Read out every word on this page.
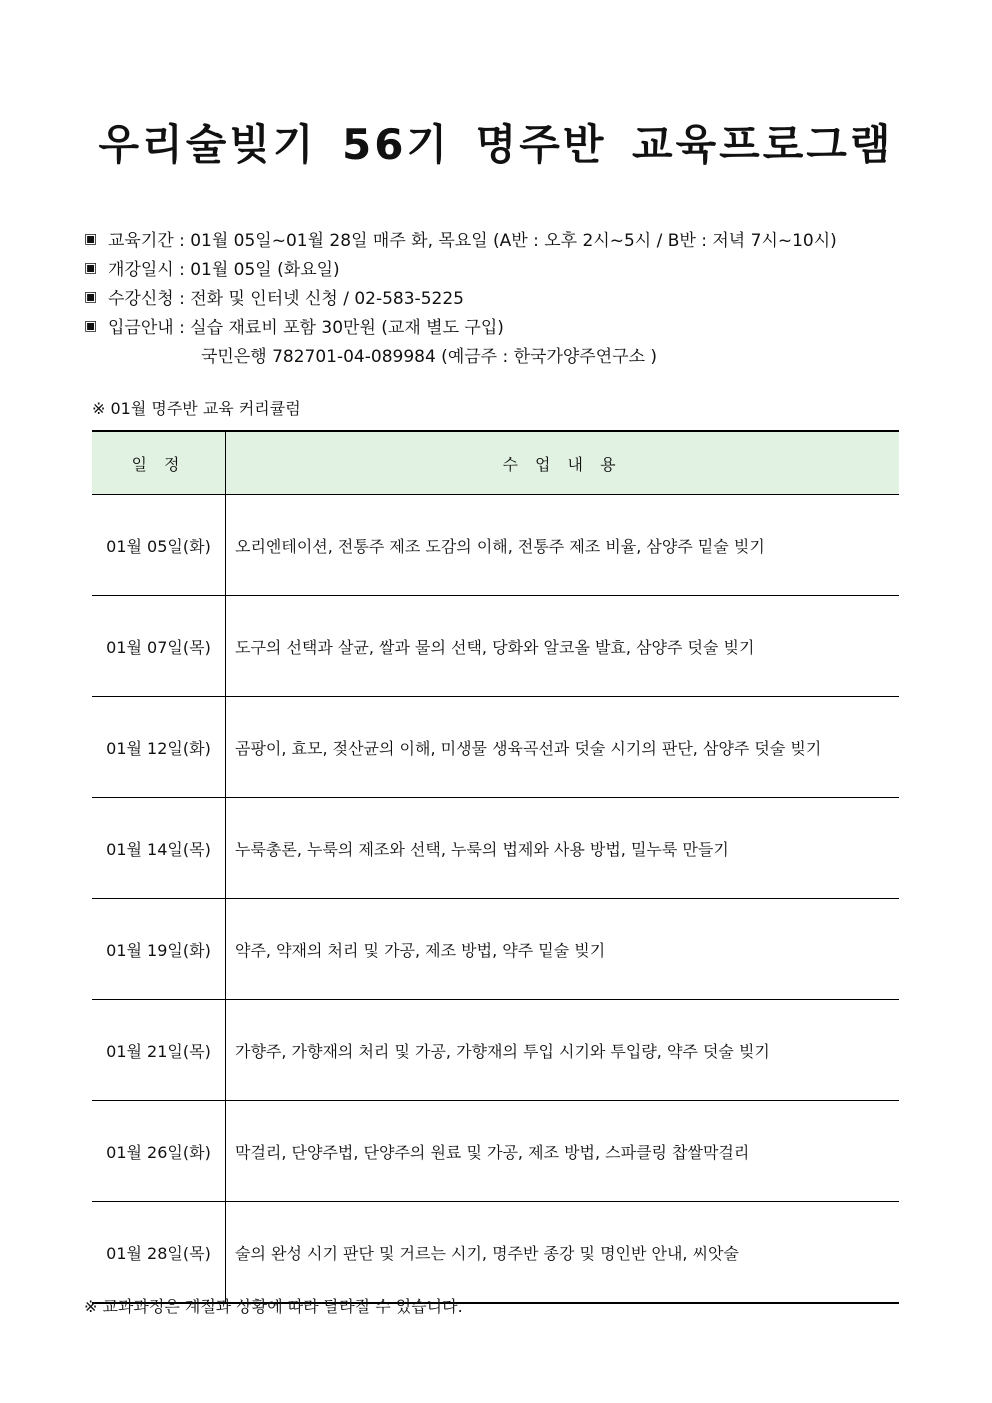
우리술빚기 56기 명주반 교육프로그램
▣ 교육기간 : 01월 05일~01월 28일 매주 화, 목요일 (A반 : 오후 2시~5시 / B반 : 저녁 7시~10시)
▣ 개강일시 : 01월 05일 (화요일)
▣ 수강신청 : 전화 및 인터넷 신청 / 02-583-5225
▣ 입금안내 : 실습 재료비 포함 30만원 (교재 별도 구입)
국민은행 782701-04-089984 (예금주 : 한국가양주연구소 )
※ 01월 명주반 교육 커리큘럼
일 정	수 업 내 용
01월 05일(화)	오리엔테이션, 전통주 제조 도감의 이해, 전통주 제조 비율, 삼양주 밑술 빚기
01월 07일(목)	도구의 선택과 살균, 쌀과 물의 선택, 당화와 알코올 발효, 삼양주 덧술 빚기
01월 12일(화)	곰팡이, 효모, 젖산균의 이해, 미생물 생육곡선과 덧술 시기의 판단, 삼양주 덧술 빚기
01월 14일(목)	누룩총론, 누룩의 제조와 선택, 누룩의 법제와 사용 방법, 밀누룩 만들기
01월 19일(화)	약주, 약재의 처리 및 가공, 제조 방법, 약주 밑술 빚기
01월 21일(목)	가향주, 가향재의 처리 및 가공, 가향재의 투입 시기와 투입량, 약주 덧술 빚기
01월 26일(화)	막걸리, 단양주법, 단양주의 원료 및 가공, 제조 방법, 스파클링 찹쌀막걸리
01월 28일(목)	술의 완성 시기 판단 및 거르는 시기, 명주반 종강 및 명인반 안내, 씨앗술
※ 교과과정은 계절과 상황에 따라 달라질 수 있습니다.
